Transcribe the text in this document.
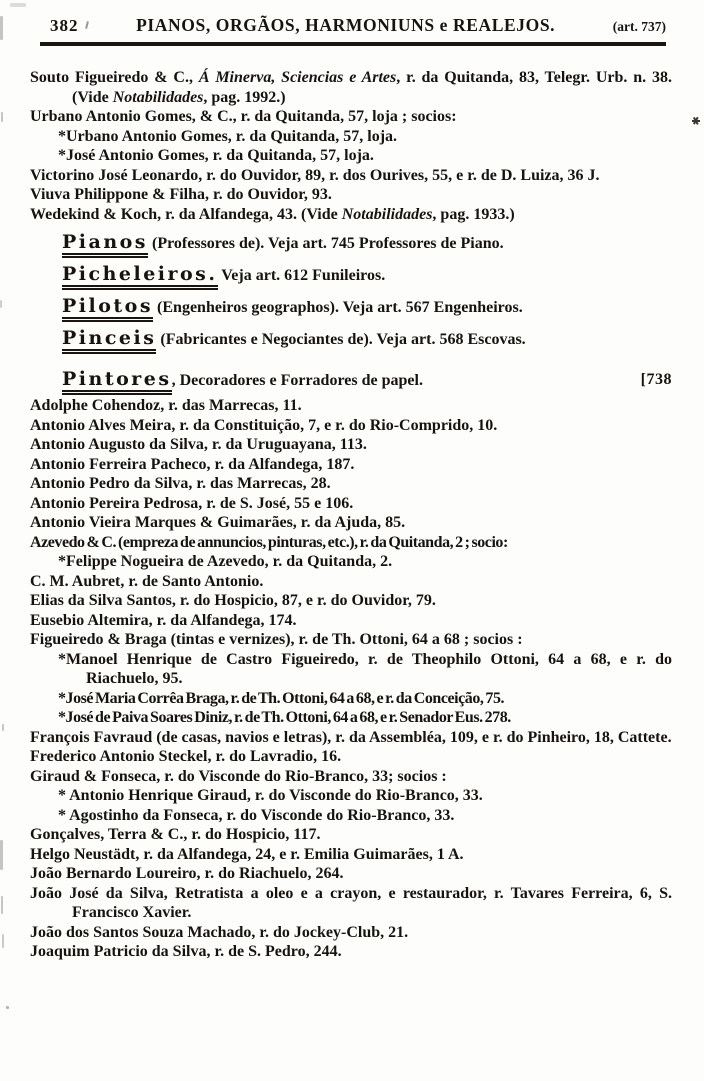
382	PIANOS, ORGÃOS, HARMONIUNS e REALEJOS.	(art. 737)
Souto Figueiredo & C., Á Minerva, Sciencias e Artes, r. da Quitanda, 83, Telegr. Urb. n. 38. (Vide Notabilidades, pag. 1992.)
Urbano Antonio Gomes, & C., r. da Quitanda, 57, loja ; socios:
*Urbano Antonio Gomes, r. da Quitanda, 57, loja.
*José Antonio Gomes, r. da Quitanda, 57, loja.
Victorino José Leonardo, r. do Ouvidor, 89, r. dos Ourives, 55, e r. de D. Luiza, 36 J.
Viuva Philippone & Filha, r. do Ouvidor, 93.
Wedekind & Koch, r. da Alfandega, 43. (Vide Notabilidades, pag. 1933.)
Pianos (Professores de). Veja art. 745 Professores de Piano.
Picheleiros. Veja art. 612 Funileiros.
Pilotos (Engenheiros geographos). Veja art. 567 Engenheiros.
Pinceis (Fabricantes e Negociantes de). Veja art. 568 Escovas.
[738
Pintores, Decoradores e Forradores de papel.
Adolphe Cohendoz, r. das Marrecas, 11.
Antonio Alves Meira, r. da Constituição, 7, e r. do Rio-Comprido, 10.
Antonio Augusto da Silva, r. da Uruguayana, 113.
Antonio Ferreira Pacheco, r. da Alfandega, 187.
Antonio Pedro da Silva, r. das Marrecas, 28.
Antonio Pereira Pedrosa, r. de S. José, 55 e 106.
Antonio Vieira Marques & Guimarães, r. da Ajuda, 85.
Azevedo & C. (empreza de annuncios, pinturas, etc.), r. da Quitanda, 2 ; socio:
*Felippe Nogueira de Azevedo, r. da Quitanda, 2.
C. M. Aubret, r. de Santo Antonio.
Elias da Silva Santos, r. do Hospicio, 87, e r. do Ouvidor, 79.
Eusebio Altemira, r. da Alfandega, 174.
Figueiredo & Braga (tintas e vernizes), r. de Th. Ottoni, 64 a 68 ; socios :
*Manoel Henrique de Castro Figueiredo, r. de Theophilo Ottoni, 64 a 68, e r. do Riachuelo, 95.
*José Maria Corrêa Braga, r. de Th. Ottoni, 64 a 68, e r. da Conceição, 75.
*José de Paiva Soares Diniz, r. de Th. Ottoni, 64 a 68, e r. Senador Eus. 278.
François Favraud (de casas, navios e letras), r. da Assembléa, 109, e r. do Pinheiro, 18, Cattete.
Frederico Antonio Steckel, r. do Lavradio, 16.
Giraud & Fonseca, r. do Visconde do Rio-Branco, 33; socios :
* Antonio Henrique Giraud, r. do Visconde do Rio-Branco, 33.
* Agostinho da Fonseca, r. do Visconde do Rio-Branco, 33.
Gonçalves, Terra & C., r. do Hospicio, 117.
Helgo Neustädt, r. da Alfandega, 24, e r. Emilia Guimarães, 1 A.
João Bernardo Loureiro, r. do Riachuelo, 264.
João José da Silva, Retratista a oleo e a crayon, e restaurador, r. Tavares Ferreira, 6, S. Francisco Xavier.
João dos Santos Souza Machado, r. do Jockey-Club, 21.
Joaquim Patricio da Silva, r. de S. Pedro, 244.
